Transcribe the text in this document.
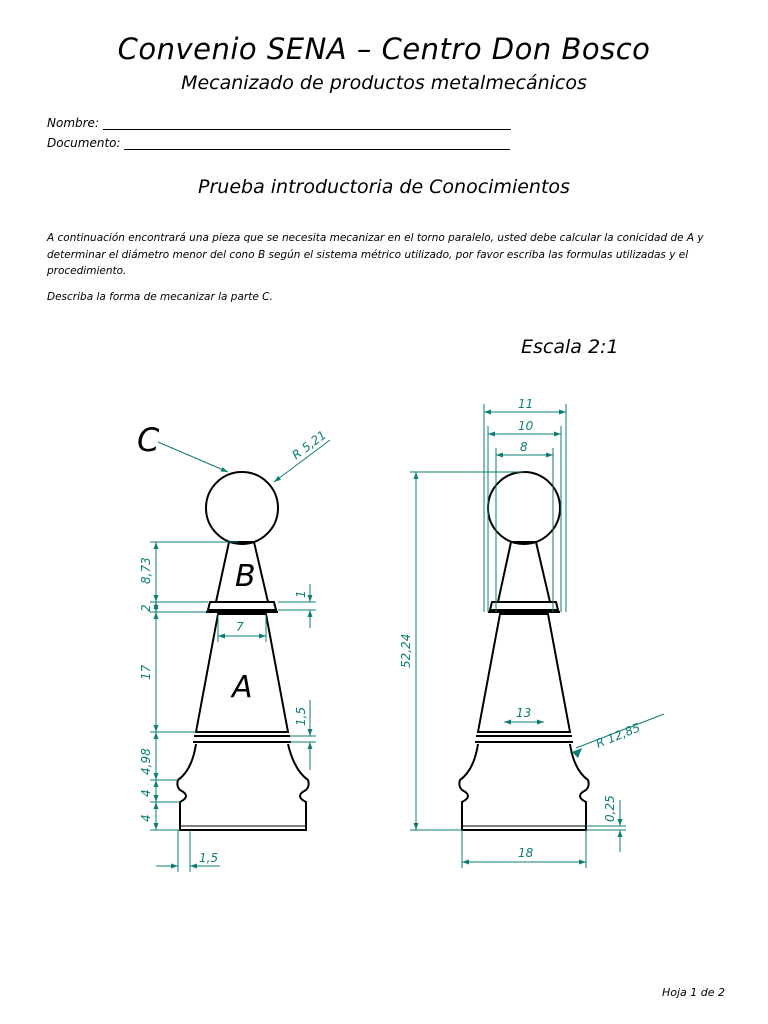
Convenio SENA – Centro Don Bosco
Mecanizado de productos metalmecánicos
Nombre:
Documento:
Prueba introductoria de Conocimientos
A continuación encontrará una pieza que se necesita mecanizar en el torno paralelo, usted debe calcular la conicidad de A y determinar el diámetro menor del cono B según el sistema métrico utilizado, por favor escriba las formulas utilizadas y el procedimiento.
Describa la forma de mecanizar la parte C.
Escala 2:1
B
A
C	R 5,21
8,73
2
1
7
17
1,5
4,98
4
4
1,5
11
10
8
52,24
13
R 12,85
0,25
18
Hoja 1 de 2
